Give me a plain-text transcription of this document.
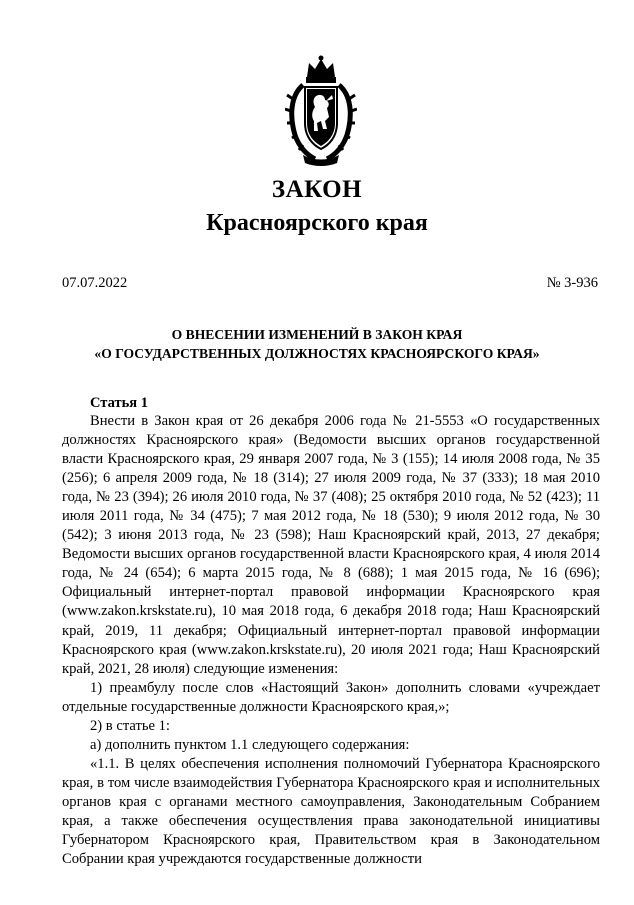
ЗАКОН
Красноярского края
07.07.2022	№ 3-936
О ВНЕСЕНИИ ИЗМЕНЕНИЙ В ЗАКОН КРАЯ
«О ГОСУДАРСТВЕННЫХ ДОЛЖНОСТЯХ КРАСНОЯРСКОГО КРАЯ»
Статья 1

Внести в Закон края от 26 декабря 2006 года № 21-5553 «О государственных должностях Красноярского края» (Ведомости высших органов государственной власти Красноярского края, 29 января 2007 года, № 3 (155); 14 июля 2008 года, № 35 (256); 6 апреля 2009 года, № 18 (314); 27 июля 2009 года, № 37 (333); 18 мая 2010 года, № 23 (394); 26 июля 2010 года, № 37 (408); 25 октября 2010 года, № 52 (423); 11 июля 2011 года, № 34 (475); 7 мая 2012 года, № 18 (530); 9 июля 2012 года, № 30 (542); 3 июня 2013 года, № 23 (598); Наш Красноярский край, 2013, 27 декабря; Ведомости высших органов государственной власти Красноярского края, 4 июля 2014 года, № 24 (654); 6 марта 2015 года, № 8 (688); 1 мая 2015 года, № 16 (696); Официальный интернет-портал правовой информации Красноярского края (www.zakon.krskstate.ru), 10 мая 2018 года, 6 декабря 2018 года; Наш Красноярский край, 2019, 11 декабря; Официальный интернет-портал правовой информации Красноярского края (www.zakon.krskstate.ru), 20 июля 2021 года; Наш Красноярский край, 2021, 28 июля) следующие изменения:

1) преамбулу после слов «Настоящий Закон» дополнить словами «учреждает отдельные государственные должности Красноярского края,»;

2) в статье 1:

а) дополнить пунктом 1.1 следующего содержания:

«1.1. В целях обеспечения исполнения полномочий Губернатора Красноярского края, в том числе взаимодействия Губернатора Красноярского края и исполнительных органов края с органами местного самоуправления, Законодательным Собранием края, а также обеспечения осуществления права законодательной инициативы Губернатором Красноярского края, Правительством края в Законодательном Собрании края учреждаются государственные должности
